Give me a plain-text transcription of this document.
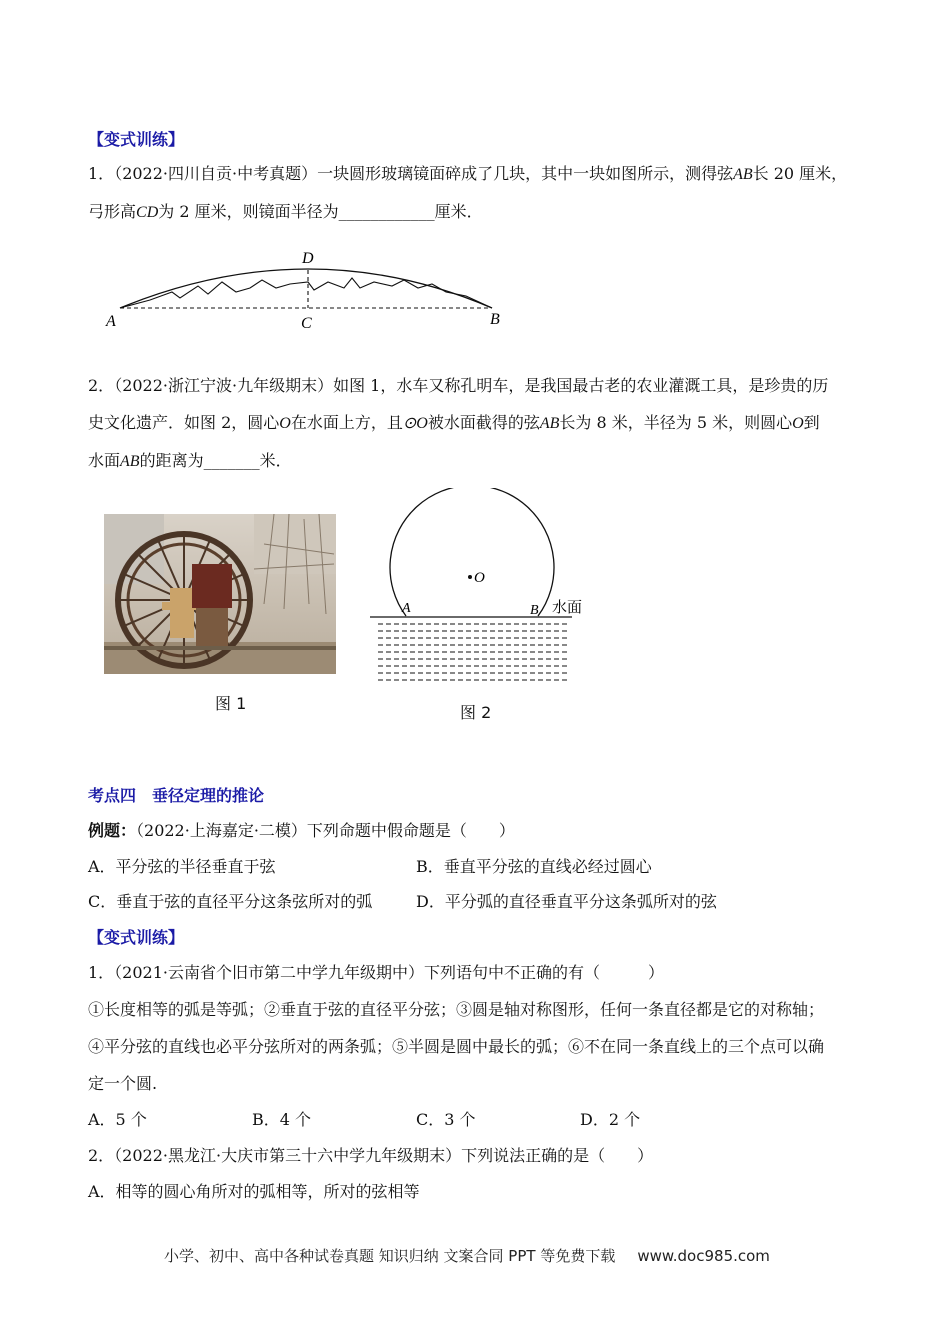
【变式训练】
1．（2022·四川自贡·中考真题）一块圆形玻璃镜面碎成了几块，其中一块如图所示，测得弦AB长 20 厘米，
弓形高CD为 2 厘米，则镜面半径为____________厘米．
D
A	C	B
2．（2022·浙江宁波·九年级期末）如图 1，水车又称孔明车，是我国最古老的农业灌溉工具，是珍贵的历
史文化遗产．如图 2，圆心O在水面上方，且⊙O被水面截得的弦AB长为 8 米，半径为 5 米，则圆心O到
水面AB的距离为_______米．
图 1
O
A	B 水面
图 2
考点四　垂径定理的推论
例题：（2022·上海嘉定·二模）下列命题中假命题是（　　）
A．平分弦的半径垂直于弦	B．垂直平分弦的直线必经过圆心
C．垂直于弦的直径平分这条弦所对的弧	D．平分弧的直径垂直平分这条弧所对的弦
【变式训练】
1．（2021·云南省个旧市第二中学九年级期中）下列语句中不正确的有（　　　）
①长度相等的弧是等弧；②垂直于弦的直径平分弦；③圆是轴对称图形，任何一条直径都是它的对称轴；
④平分弦的直线也必平分弦所对的两条弧；⑤半圆是圆中最长的弧；⑥不在同一条直线上的三个点可以确
定一个圆.
A．5 个	B．4 个	C．3 个	D．2 个
2．（2022·黑龙江·大庆市第三十六中学九年级期末）下列说法正确的是（　　）
A．相等的圆心角所对的弧相等，所对的弦相等
小学、初中、高中各种试卷真题 知识归纳 文案合同 PPT 等免费下载 www.doc985.com
